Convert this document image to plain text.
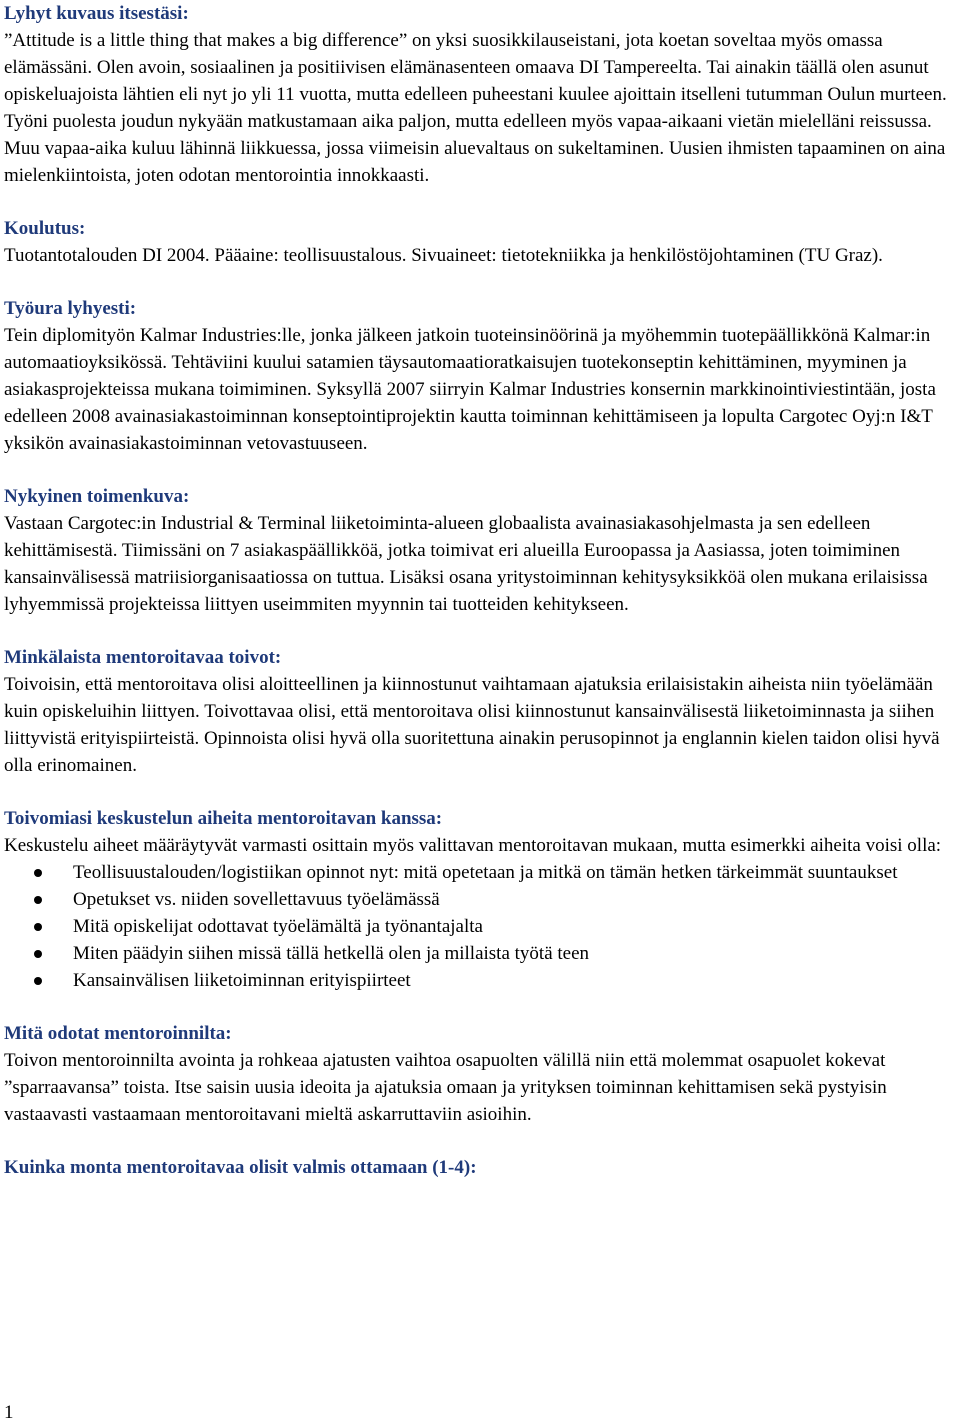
Lyhyt kuvaus itsestäsi:
”Attitude is a little thing that makes a big difference” on yksi suosikkilauseistani, jota koetan soveltaa myös omassa elämässäni. Olen avoin, sosiaalinen ja positiivisen elämänasenteen omaava DI Tampereelta. Tai ainakin täällä olen asunut opiskeluajoista lähtien eli nyt jo yli 11 vuotta, mutta edelleen puheestani kuulee ajoittain itselleni tutumman Oulun murteen. Työni puolesta joudun nykyään matkustamaan aika paljon, mutta edelleen myös vapaa-aikaani vietän mielelläni reissussa. Muu vapaa-aika kuluu lähinnä liikkuessa, jossa viimeisin aluevaltaus on sukeltaminen. Uusien ihmisten tapaaminen on aina mielenkiintoista, joten odotan mentorointia innokkaasti.
Koulutus:
Tuotantotalouden DI 2004. Pääaine: teollisuustalous. Sivuaineet: tietotekniikka ja henkilöstöjohtaminen (TU Graz).
Työura lyhyesti:
Tein diplomityön Kalmar Industries:lle, jonka jälkeen jatkoin tuoteinsinöörinä ja myöhemmin tuotepäällikkönä Kalmar:in automaatioyksikössä. Tehtäviini kuului satamien täysautomaatioratkaisujen tuotekonseptin kehittäminen, myyminen ja asiakasprojekteissa mukana toimiminen. Syksyllä 2007 siirryin Kalmar Industries konsernin markkinointiviestintään, josta edelleen 2008 avainasiakastoiminnan konseptointiprojektin kautta toiminnan kehittämiseen ja lopulta Cargotec Oyj:n I&T yksikön avainasiakastoiminnan vetovastuuseen.
Nykyinen toimenkuva:
Vastaan Cargotec:in Industrial & Terminal liiketoiminta-alueen globaalista avainasiakasohjelmasta ja sen edelleen kehittämisestä. Tiimissäni on 7 asiakaspäällikköä, jotka toimivat eri alueilla Euroopassa ja Aasiassa, joten toimiminen kansainvälisessä matriisiorganisaatiossa on tuttua. Lisäksi osana yritystoiminnan kehitysyksikköä olen mukana erilaisissa lyhyemmissä projekteissa liittyen useimmiten myynnin tai tuotteiden kehitykseen.
Minkälaista mentoroitavaa toivot:
Toivoisin, että mentoroitava olisi aloitteellinen ja kiinnostunut vaihtamaan ajatuksia erilaisistakin aiheista niin työelämään kuin opiskeluihin liittyen. Toivottavaa olisi, että mentoroitava olisi kiinnostunut kansainvälisestä liiketoiminnasta ja siihen liittyvistä erityispiirteistä. Opinnoista olisi hyvä olla suoritettuna ainakin perusopinnot ja englannin kielen taidon olisi hyvä olla erinomainen.
Toivomiasi keskustelun aiheita mentoroitavan kanssa:
Keskustelu aiheet määräytyvät varmasti osittain myös valittavan mentoroitavan mukaan, mutta esimerkki aiheita voisi olla:
Teollisuustalouden/logistiikan opinnot nyt: mitä opetetaan ja mitkä on tämän hetken tärkeimmät suuntaukset
Opetukset vs. niiden sovellettavuus työelämässä
Mitä opiskelijat odottavat työelämältä ja työnantajalta
Miten päädyin siihen missä tällä hetkellä olen ja millaista työtä teen
Kansainvälisen liiketoiminnan erityispiirteet
Mitä odotat mentoroinnilta:
Toivon mentoroinnilta avointa ja rohkeaa ajatusten vaihtoa osapuolten välillä niin että molemmat osapuolet kokevat ”sparraavansa” toista. Itse saisin uusia ideoita ja ajatuksia omaan ja yrityksen toiminnan kehittamisen sekä pystyisin vastaavasti vastaamaan mentoroitavani mieltä askarruttaviin asioihin.
Kuinka monta mentoroitavaa olisit valmis ottamaan (1-4):
1
